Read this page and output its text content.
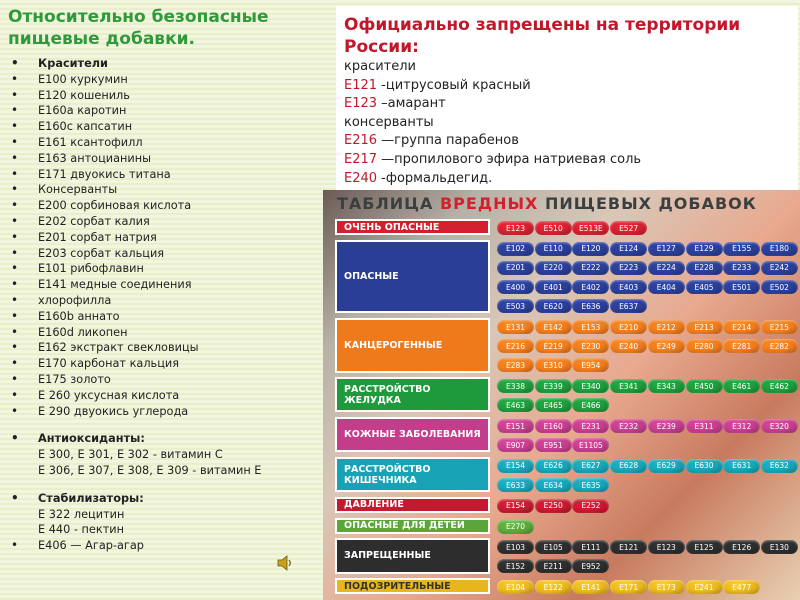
Относительно безопасные пищевые добавки.
• Красители
• Е100 куркумин
• Е120 кошениль
• Е160а каротин
• Е160с капсатин
• Е161 ксантофилл
• Е163 антоцианины
• Е171 двуокись титана
• Консерванты
• Е200 сорбиновая кислота
• Е202 сорбат калия
• Е201 сорбат натрия
• Е203 сорбат кальция
• Е101 рибофлавин
• Е141 медные соединения
• хлорофилла
• Е160b аннато
• Е160d ликопен
• Е162 экстракт свекловицы
• Е170 карбонат кальция
• Е175 золото
• Е 260 уксусная кислота
• Е 290 двуокись углерода
• Антиоксиданты:
Е 300, Е 301, Е 302 - витамин С
Е 306, Е 307, Е 308, Е 309 - витамин Е
• Стабилизаторы:
Е 322 лецитин
Е 440 - пектин
• Е406 — Агар-агар
Официально запрещены на территории России:
красители
Е121 -цитрусовый красный
Е123 –амарант
консерванты
Е216 —группа парабенов
Е217 —пропилового эфира натриевая соль
Е240 -формальдегид.
ТАБЛИЦА ВРЕДНЫХ ПИЩЕВЫХ ДОБАВОК
ОЧЕНЬ ОПАСНЫЕ	E123	E510	E513E	E527
ОПАСНЫЕ
E102	E110	E120	E124	E127	E129	E155	E180
E201	E220	E222	E223	E224	E228	E233	E242
E400	E401	E402	E403	E404	E405	E501	E502
E503	E620	E636	E637
КАНЦЕРОГЕННЫЕ
E131	E142	E153	E210	E212	E213	E214	E215
E216	E219	E230	E240	E249	E280	E281	E282
E283	E310	E954
РАССТРОЙСТВО ЖЕЛУДКА
E338	E339	E340	E341	E343	E450	E461	E462
E463	E465	E466
КОЖНЫЕ ЗАБОЛЕВАНИЯ
E151	E160	E231	E232	E239	E311	E312	E320
E907	E951	E1105
РАССТРОЙСТВО КИШЕЧНИКА
E154	E626	E627	E628	E629	E630	E631	E632
E633	E634	E635
ДАВЛЕНИЕ	E154	E250	E252
ОПАСНЫЕ ДЛЯ ДЕТЕЙ	E270
ЗАПРЕЩЕННЫЕ
E103	E105	E111	E121	E123	E125	E126	E130
E152	E211	E952
ПОДОЗРИТЕЛЬНЫЕ	E104	E122	E141	E171	E173	E241	E477
